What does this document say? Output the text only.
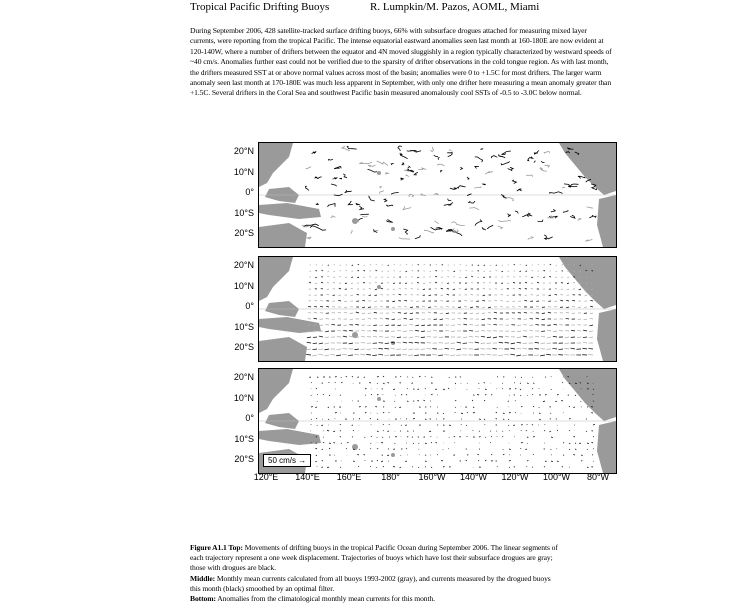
Tropical Pacific Drifting Buoys	R. Lumpkin/M. Pazos, AOML, Miami

During September 2006, 428 satellite-tracked surface drifting buoys, 66% with subsurface drogues attached for measuring mixed layer currents, were reporting from the tropical Pacific. The intense equatorial eastward anomalies seen last month at 160-180E are now evident at 120-140W, where a number of drifters between the equator and 4N moved sluggishly in a region typically characterized by westward speeds of ~40 cm/s. Anomalies further east could not be verified due to the sparsity of drifter observations in the cold tongue region. As with last month, the drifters measured SST at or above normal values across most of the basin; anomalies were 0 to +1.5C for most drifters. The larger warm anomaly seen last month at 170-180E was much less apparent in September, with only one drifter here measuring a mean anomaly greater than +1.5C. Several drifters in the Coral Sea and southwest Pacific basin measured anomalously cool SSTs of -0.5 to -3.0C below normal.

50 cm/s →
20°N
10°N
0°
10°S
20°S
20°N
10°N
0°
10°S
20°S
20°N
10°N
0°
10°S
20°S
120°E	140°E	160°E	180°	160°W	140°W	120°W	100°W	80°W

Figure A1.1 Top: Movements of drifting buoys in the tropical Pacific Ocean during September 2006. The linear segments of each trajectory represent a one week displacement. Trajectories of buoys which have lost their subsurface drogues are gray; those with drogues are black.

Middle: Monthly mean currents calculated from all buoys 1993-2002 (gray), and currents measured by the drogued buoys this month (black) smoothed by an optimal filter.

Bottom: Anomalies from the climatological monthly mean currents for this month.
